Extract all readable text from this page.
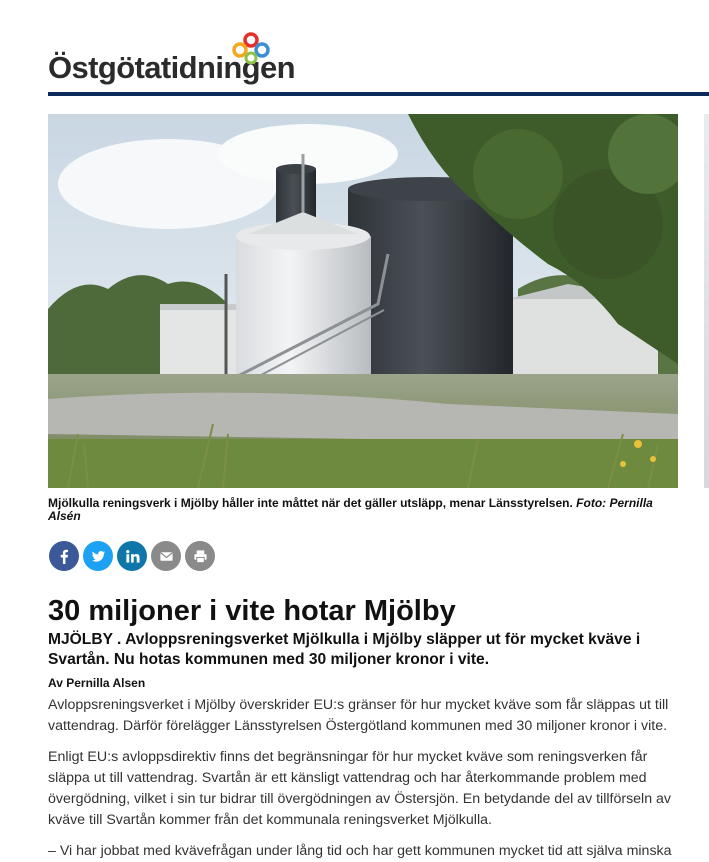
Östgötatidningen
Mjölkulla reningsverk i Mjölby håller inte måttet när det gäller utsläpp, menar Länsstyrelsen. Foto: Pernilla Alsén
30 miljoner i vite hotar Mjölby
MJÖLBY . Avloppsreningsverket Mjölkulla i Mjölby släpper ut för mycket kväve i Svartån. Nu hotas kommunen med 30 miljoner kronor i vite.
Av Pernilla Alsen

Avloppsreningsverket i Mjölby överskrider EU:s gränser för hur mycket kväve som får släppas ut till vattendrag. Därför förelägger Länsstyrelsen Östergötland kommunen med 30 miljoner kronor i vite.

Enligt EU:s avloppsdirektiv finns det begränsningar för hur mycket kväve som reningsverken får släppa ut till vattendrag. Svartån är ett känsligt vattendrag och har återkommande problem med övergödning, vilket i sin tur bidrar till övergödningen av Östersjön. En betydande del av tillförseln av kväve till Svartån kommer från det kommunala reningsverket Mjölkulla.

– Vi har jobbat med kvävefrågan under lång tid och har gett kommunen mycket tid att själva minska
